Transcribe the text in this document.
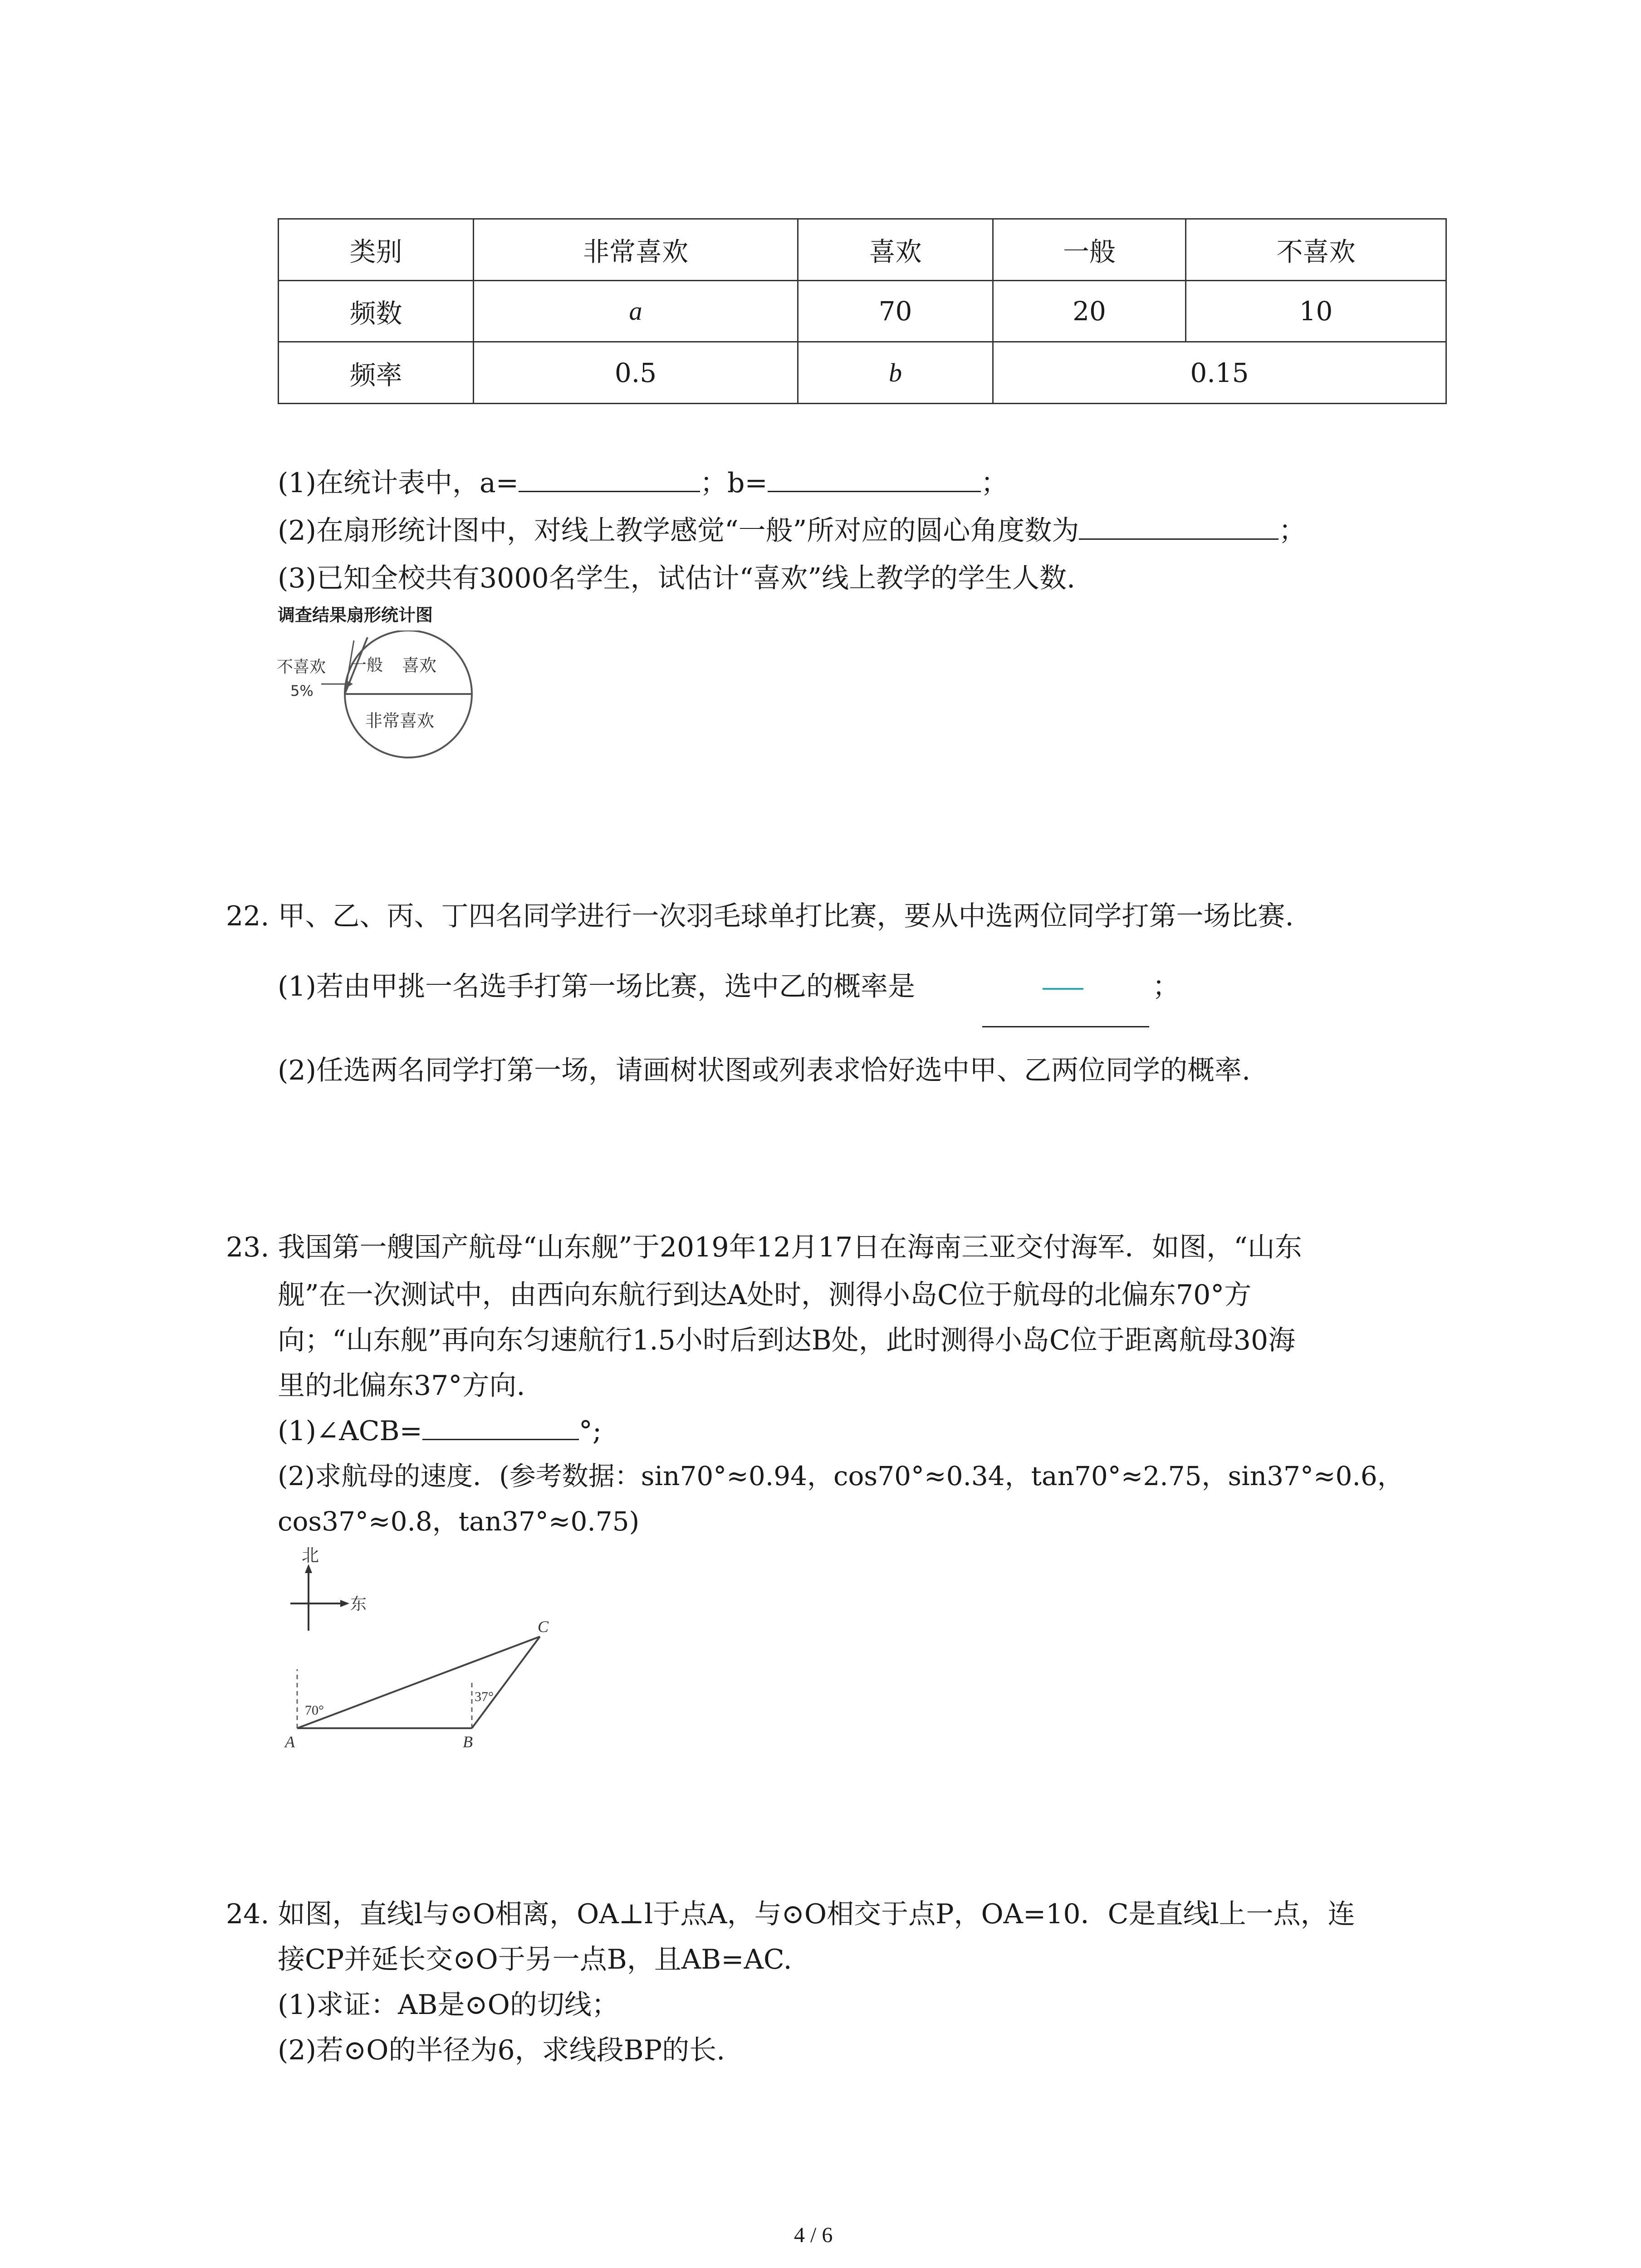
类别	非常喜欢	喜欢	一般	不喜欢
频数	a	70	20	10
频率	0.5	b	0.15	
(1)在统计表中，a=	；b=	；
(2)在扇形统计图中，对线上教学感觉“一般”所对应的圆心角度数为	；
(3)已知全校共有3000名学生，试估计“喜欢”线上教学的学生人数.
调查结果扇形统计图
不喜欢
5%
一般 喜欢
非常喜欢
22. 甲、乙、丙、丁四名同学进行一次羽毛球单打比赛，要从中选两位同学打第一场比赛.
(1)若由甲挑一名选手打第一场比赛，选中乙的概率是	；
(2)任选两名同学打第一场，请画树状图或列表求恰好选中甲、乙两位同学的概率.
23. 我国第一艘国产航母“山东舰”于2019年12月17日在海南三亚交付海军．如图，“山东
舰”在一次测试中，由西向东航行到达A处时，测得小岛C位于航母的北偏东70°方
向；“山东舰”再向东匀速航行1.5小时后到达B处，此时测得小岛C位于距离航母30海
里的北偏东37°方向.
(1)∠ACB=	°;
(2)求航母的速度．(参考数据：sin70°≈0.94，cos70°≈0.34，tan70°≈2.75，sin37°≈0.6，
cos37°≈0.8，tan37°≈0.75)
北
东
70°
37°
A	B
C
24. 如图，直线l与⊙O相离，OA⊥l于点A，与⊙O相交于点P，OA=10．C是直线l上一点，连
接CP并延长交⊙O于另一点B，且AB=AC.
(1)求证：AB是⊙O的切线；
(2)若⊙O的半径为6，求线段BP的长.
4 / 6
